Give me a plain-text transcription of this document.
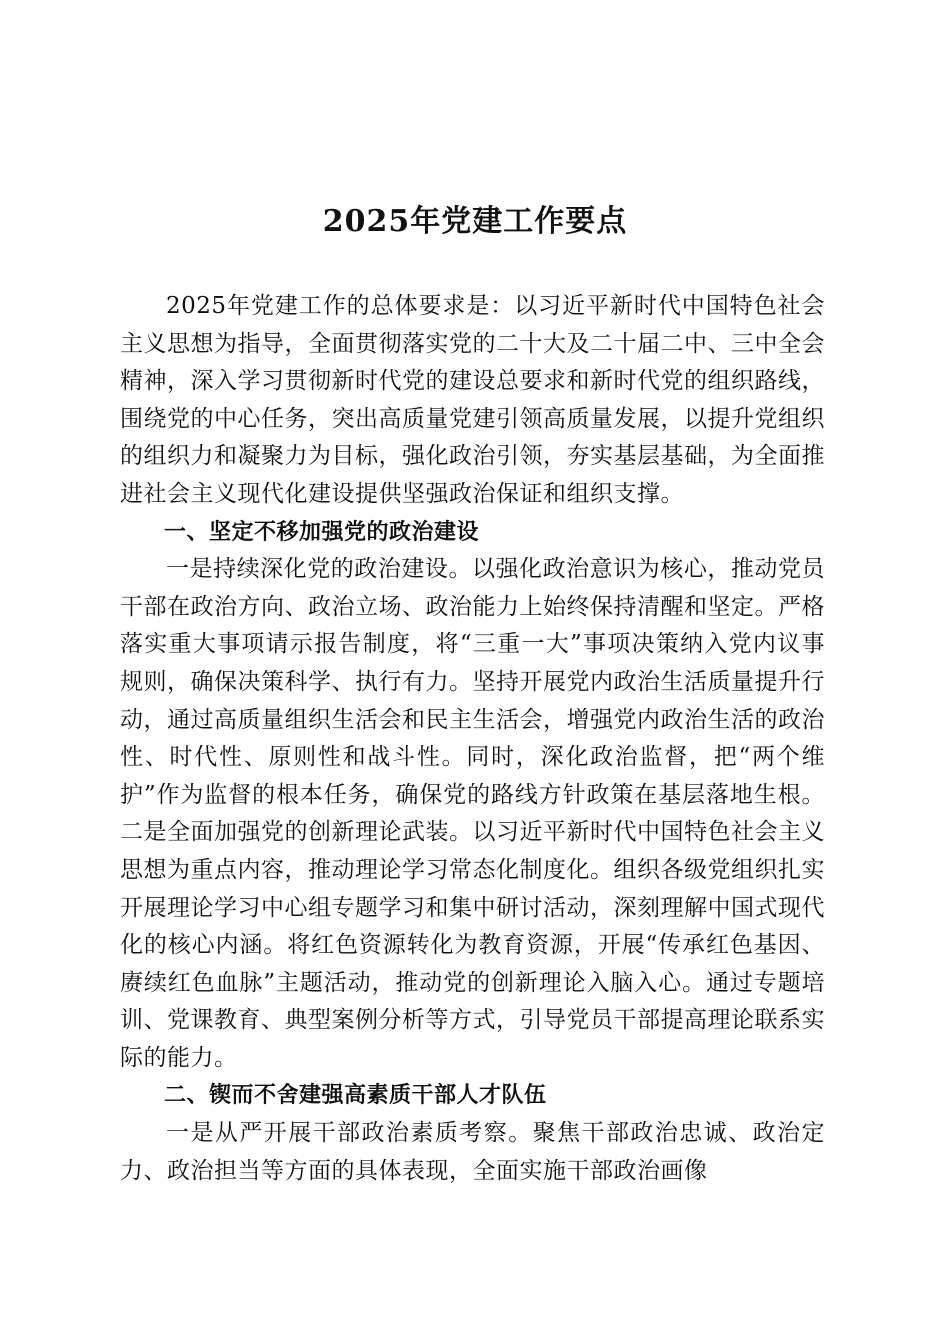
2025年党建工作要点

2025年党建工作的总体要求是：以习近平新时代中国特色社会主义思想为指导，全面贯彻落实党的二十大及二十届二中、三中全会精神，深入学习贯彻新时代党的建设总要求和新时代党的组织路线，围绕党的中心任务，突出高质量党建引领高质量发展，以提升党组织的组织力和凝聚力为目标，强化政治引领，夯实基层基础，为全面推进社会主义现代化建设提供坚强政治保证和组织支撑。

一、坚定不移加强党的政治建设

一是持续深化党的政治建设。以强化政治意识为核心，推动党员干部在政治方向、政治立场、政治能力上始终保持清醒和坚定。严格落实重大事项请示报告制度，将“三重一大”事项决策纳入党内议事规则，确保决策科学、执行有力。坚持开展党内政治生活质量提升行动，通过高质量组织生活会和民主生活会，增强党内政治生活的政治性、时代性、原则性和战斗性。同时，深化政治监督，把“两个维护”作为监督的根本任务，确保党的路线方针政策在基层落地生根。二是全面加强党的创新理论武装。以习近平新时代中国特色社会主义思想为重点内容，推动理论学习常态化制度化。组织各级党组织扎实开展理论学习中心组专题学习和集中研讨活动，深刻理解中国式现代化的核心内涵。将红色资源转化为教育资源，开展“传承红色基因、赓续红色血脉”主题活动，推动党的创新理论入脑入心。通过专题培训、党课教育、典型案例分析等方式，引导党员干部提高理论联系实际的能力。

二、锲而不舍建强高素质干部人才队伍

一是从严开展干部政治素质考察。聚焦干部政治忠诚、政治定力、政治担当等方面的具体表现，全面实施干部政治画像
